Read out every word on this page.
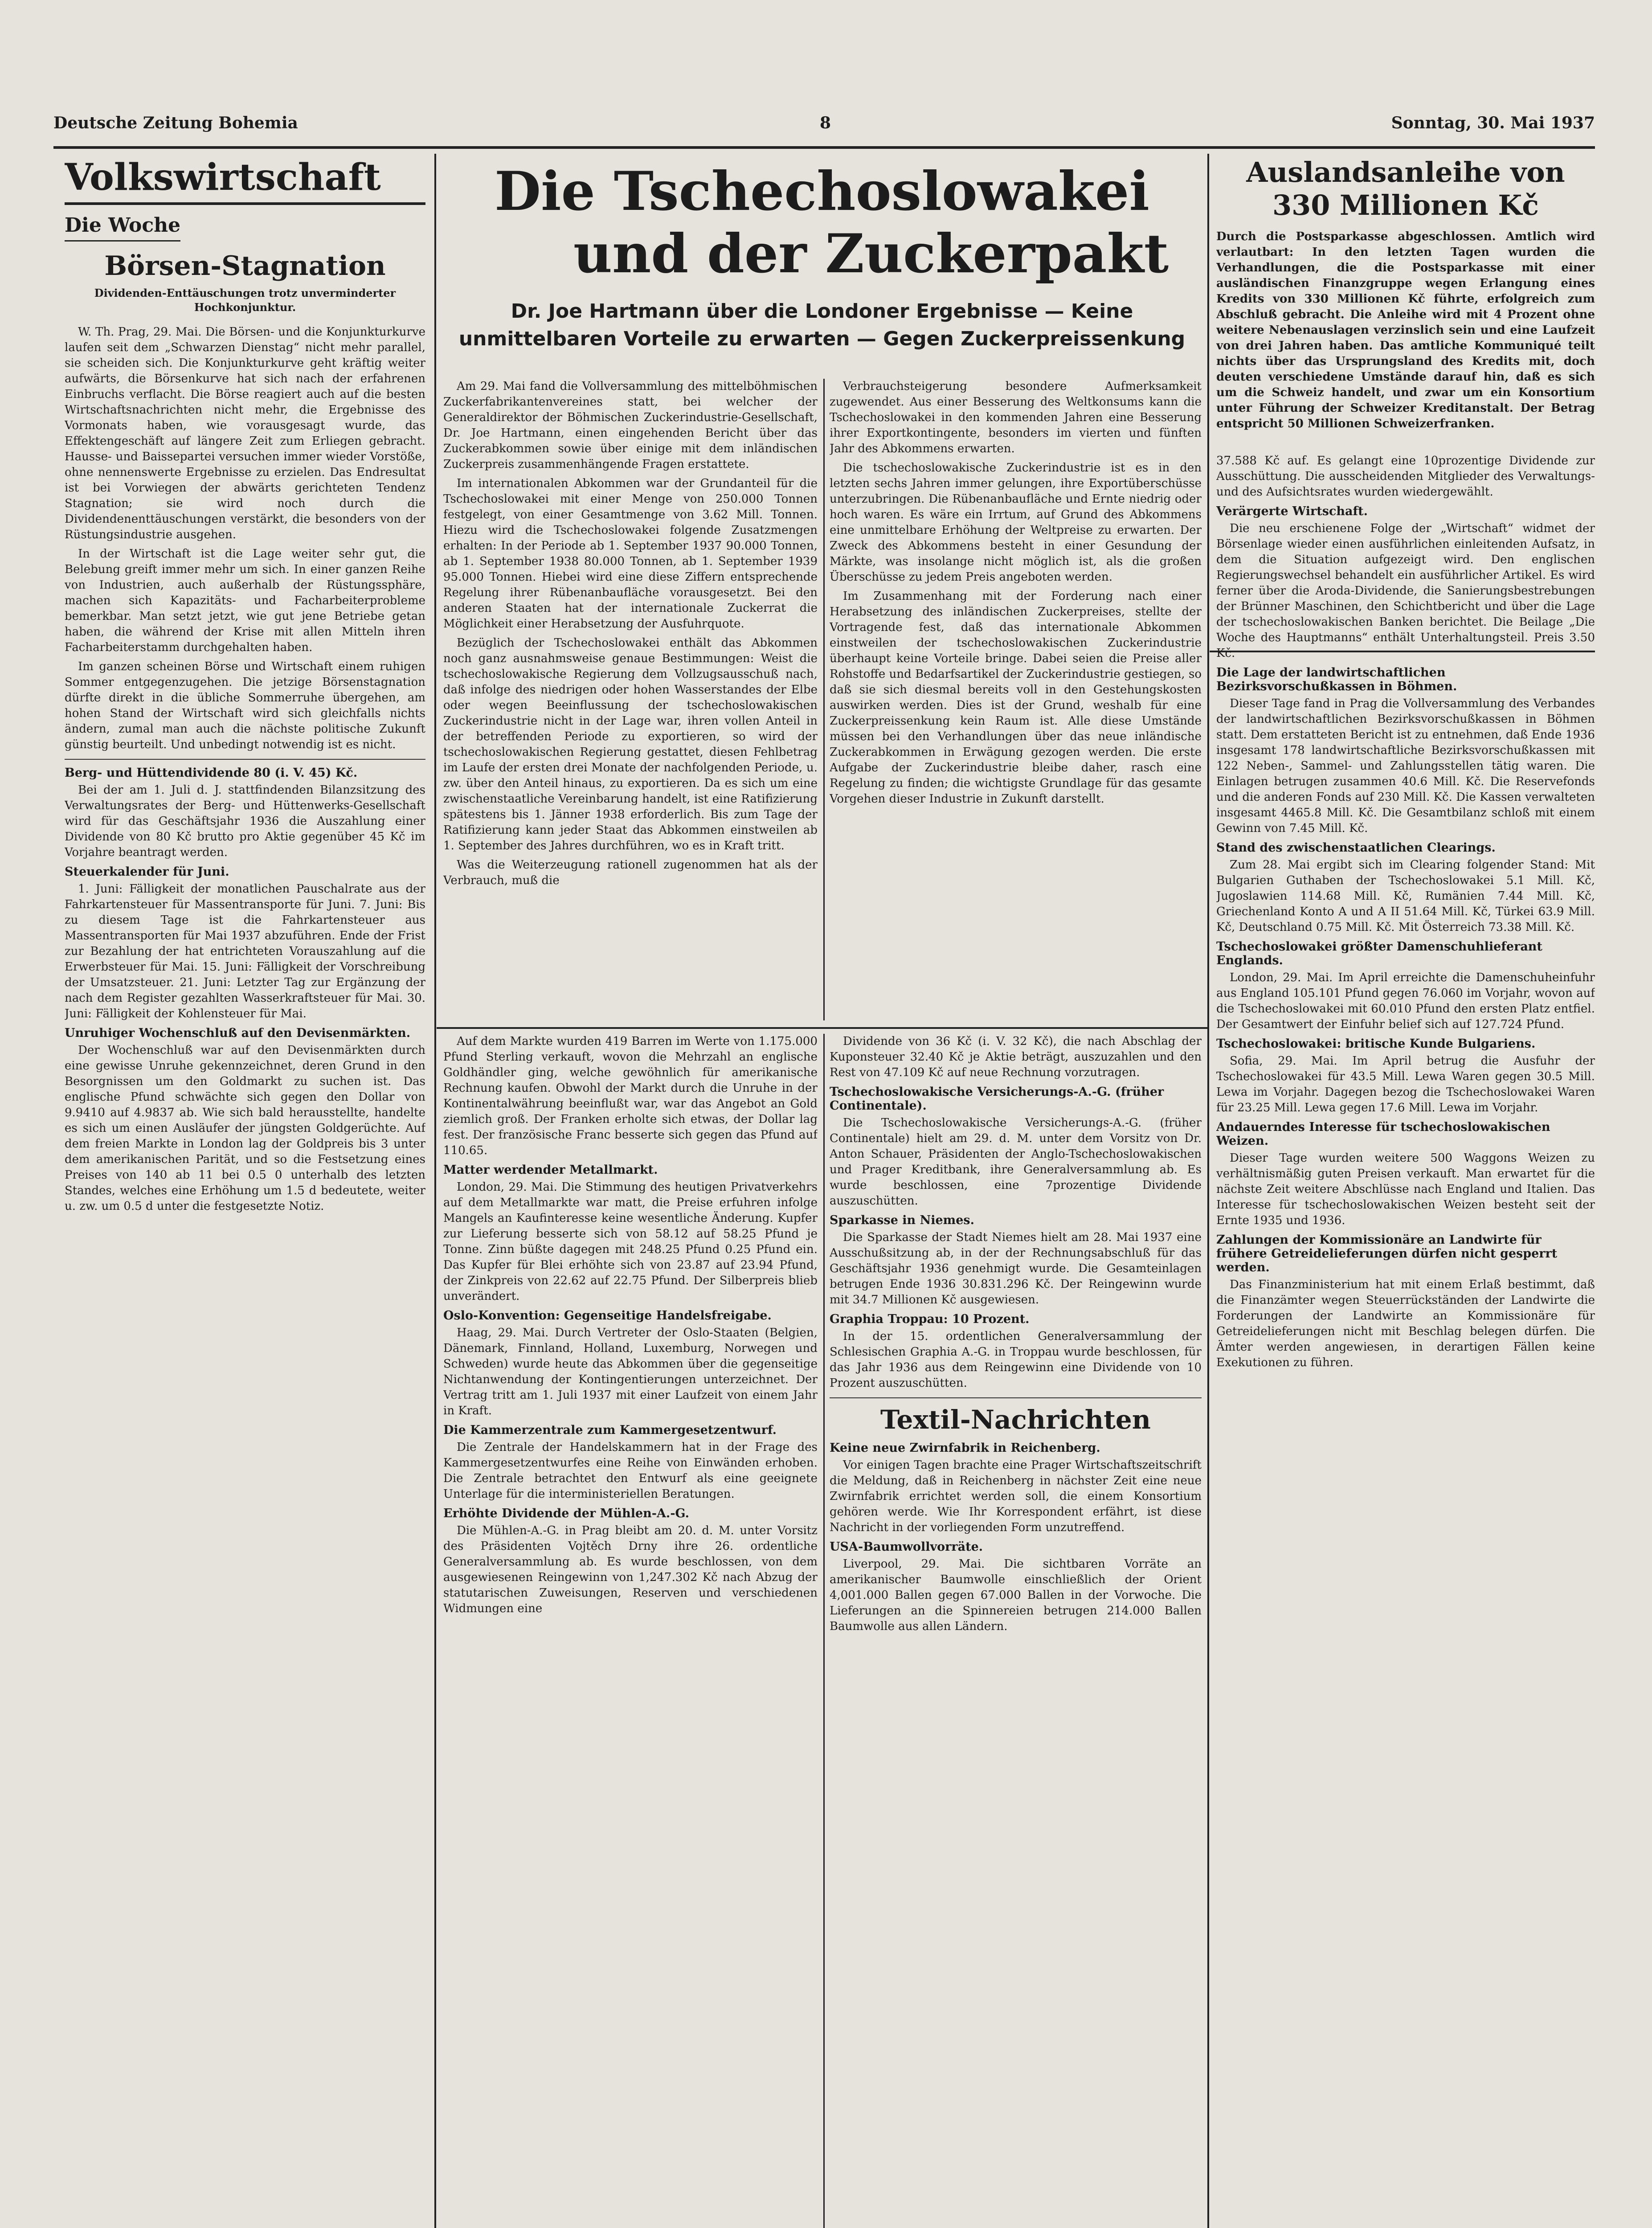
Deutsche Zeitung Bohemia	8	Sonntag, 30. Mai 1937
Volkswirtschaft
Die Woche
Börsen-Stagnation
Dividenden-Enttäuschungen trotz unverminderter Hochkonjunktur.

W. Th. Prag, 29. Mai. Die Börsen- und die Konjunkturkurve laufen seit dem „Schwarzen Dienstag“ nicht mehr parallel, sie scheiden sich. Die Konjunkturkurve geht kräftig weiter aufwärts, die Börsenkurve hat sich nach der erfahrenen Einbruchs verflacht. Die Börse reagiert auch auf die besten Wirtschaftsnachrichten nicht mehr, die Ergebnisse des Vormonats haben, wie vorausgesagt wurde, das Effektengeschäft auf längere Zeit zum Erliegen gebracht. Hausse- und Baissepartei versuchen immer wieder Vorstöße, ohne nennenswerte Ergebnisse zu erzielen. Das Endresultat ist bei Vorwiegen der abwärts gerichteten Tendenz Stagnation; sie wird noch durch die Dividendenenttäuschungen verstärkt, die besonders von der Rüstungsindustrie ausgehen.

In der Wirtschaft ist die Lage weiter sehr gut, die Belebung greift immer mehr um sich. In einer ganzen Reihe von Industrien, auch außerhalb der Rüstungssphäre, machen sich Kapazitäts- und Facharbeiterprobleme bemerkbar. Man setzt jetzt, wie gut jene Betriebe getan haben, die während der Krise mit allen Mitteln ihren Facharbeiterstamm durchgehalten haben.

Im ganzen scheinen Börse und Wirtschaft einem ruhigen Sommer entgegenzugehen. Die jetzige Börsenstagnation dürfte direkt in die übliche Sommerruhe übergehen, am hohen Stand der Wirtschaft wird sich gleichfalls nichts ändern, zumal man auch die nächste politische Zukunft günstig beurteilt. Und unbedingt notwendig ist es nicht.

Berg- und Hüttendividende 80 (i. V. 45) Kč.

Bei der am 1. Juli d. J. stattfindenden Bilanzsitzung des Verwaltungsrates der Berg- und Hüttenwerks-Gesellschaft wird für das Geschäftsjahr 1936 die Auszahlung einer Dividende von 80 Kč brutto pro Aktie gegenüber 45 Kč im Vorjahre beantragt werden.

Steuerkalender für Juni.

1. Juni: Fälligkeit der monatlichen Pauschalrate aus der Fahrkartensteuer für Massentransporte für Juni. 7. Juni: Bis zu diesem Tage ist die Fahrkartensteuer aus Massentransporten für Mai 1937 abzuführen. Ende der Frist zur Bezahlung der hat entrichteten Vorauszahlung auf die Erwerbsteuer für Mai. 15. Juni: Fälligkeit der Vorschreibung der Umsatzsteuer. 21. Juni: Letzter Tag zur Ergänzung der nach dem Register gezahlten Wasserkraftsteuer für Mai. 30. Juni: Fälligkeit der Kohlensteuer für Mai.

Unruhiger Wochenschluß auf den Devisenmärkten.

Der Wochenschluß war auf den Devisenmärkten durch eine gewisse Unruhe gekennzeichnet, deren Grund in den Besorgnissen um den Goldmarkt zu suchen ist. Das englische Pfund schwächte sich gegen den Dollar von 9.9410 auf 4.9837 ab. Wie sich bald herausstellte, handelte es sich um einen Ausläufer der jüngsten Goldgerüchte. Auf dem freien Markte in London lag der Goldpreis bis 3 unter dem amerikanischen Parität, und so die Festsetzung eines Preises von 140 ab 11 bei 0.5 0 unterhalb des letzten Standes, welches eine Erhöhung um 1.5 d bedeutete, weiter u. zw. um 0.5 d unter die festgesetzte Notiz.

Die Tschechoslowakei
und der Zuckerpakt
Dr. Joe Hartmann über die Londoner Ergebnisse — Keine unmittelbaren Vorteile zu erwarten — Gegen Zuckerpreissenkung

Am 29. Mai fand die Vollversammlung des mittelböhmischen Zuckerfabrikantenvereines statt, bei welcher der Generaldirektor der Böhmischen Zuckerindustrie-Gesellschaft, Dr. Joe Hartmann, einen eingehenden Bericht über das Zuckerabkommen sowie über einige mit dem inländischen Zuckerpreis zusammenhängende Fragen erstattete.

Im internationalen Abkommen war der Grundanteil für die Tschechoslowakei mit einer Menge von 250.000 Tonnen festgelegt, von einer Gesamtmenge von 3.62 Mill. Tonnen. Hiezu wird die Tschechoslowakei folgende Zusatzmengen erhalten: In der Periode ab 1. September 1937 90.000 Tonnen, ab 1. September 1938 80.000 Tonnen, ab 1. September 1939 95.000 Tonnen. Hiebei wird eine diese Ziffern entsprechende Regelung ihrer Rübenanbaufläche vorausgesetzt. Bei den anderen Staaten hat der internationale Zuckerrat die Möglichkeit einer Herabsetzung der Ausfuhrquote.

Bezüglich der Tschechoslowakei enthält das Abkommen noch ganz ausnahmsweise genaue Bestimmungen: Weist die tschechoslowakische Regierung dem Vollzugsausschuß nach, daß infolge des niedrigen oder hohen Wasserstandes der Elbe oder wegen Beeinflussung der tschechoslowakischen Zuckerindustrie nicht in der Lage war, ihren vollen Anteil in der betreffenden Periode zu exportieren, so wird der tschechoslowakischen Regierung gestattet, diesen Fehlbetrag im Laufe der ersten drei Monate der nachfolgenden Periode, u. zw. über den Anteil hinaus, zu exportieren. Da es sich um eine zwischenstaatliche Vereinbarung handelt, ist eine Ratifizierung spätestens bis 1. Jänner 1938 erforderlich. Bis zum Tage der Ratifizierung kann jeder Staat das Abkommen einstweilen ab 1. September des Jahres durchführen, wo es in Kraft tritt.

Was die Weiterzeugung rationell zugenommen hat als der Verbrauch, muß die

Verbrauchsteigerung besondere Aufmerksamkeit zugewendet. Aus einer Besserung des Weltkonsums kann die Tschechoslowakei in den kommenden Jahren eine Besserung ihrer Exportkontingente, besonders im vierten und fünften Jahr des Abkommens erwarten.

Die tschechoslowakische Zuckerindustrie ist es in den letzten sechs Jahren immer gelungen, ihre Exportüberschüsse unterzubringen. Die Rübenanbaufläche und Ernte niedrig oder hoch waren. Es wäre ein Irrtum, auf Grund des Abkommens eine unmittelbare Erhöhung der Weltpreise zu erwarten. Der Zweck des Abkommens besteht in einer Gesundung der Märkte, was insolange nicht möglich ist, als die großen Überschüsse zu jedem Preis angeboten werden.

Im Zusammenhang mit der Forderung nach einer Herabsetzung des inländischen Zuckerpreises, stellte der Vortragende fest, daß das internationale Abkommen einstweilen der tschechoslowakischen Zuckerindustrie überhaupt keine Vorteile bringe. Dabei seien die Preise aller Rohstoffe und Bedarfsartikel der Zuckerindustrie gestiegen, so daß sie sich diesmal bereits voll in den Gestehungskosten auswirken werden. Dies ist der Grund, weshalb für eine Zuckerpreissenkung kein Raum ist. Alle diese Umstände müssen bei den Verhandlungen über das neue inländische Zuckerabkommen in Erwägung gezogen werden. Die erste Aufgabe der Zuckerindustrie bleibe daher, rasch eine Regelung zu finden; die wichtigste Grundlage für das gesamte Vorgehen dieser Industrie in Zukunft darstellt.

Auf dem Markte wurden 419 Barren im Werte von 1.175.000 Pfund Sterling verkauft, wovon die Mehrzahl an englische Goldhändler ging, welche gewöhnlich für amerikanische Rechnung kaufen. Obwohl der Markt durch die Unruhe in der Kontinentalwährung beeinflußt war, war das Angebot an Gold ziemlich groß. Der Franken erholte sich etwas, der Dollar lag fest. Der französische Franc besserte sich gegen das Pfund auf 110.65.

Matter werdender Metallmarkt.

London, 29. Mai. Die Stimmung des heutigen Privatverkehrs auf dem Metallmarkte war matt, die Preise erfuhren infolge Mangels an Kaufinteresse keine wesentliche Änderung. Kupfer zur Lieferung besserte sich von 58.12 auf 58.25 Pfund je Tonne. Zinn büßte dagegen mit 248.25 Pfund 0.25 Pfund ein. Das Kupfer für Blei erhöhte sich von 23.87 auf 23.94 Pfund, der Zinkpreis von 22.62 auf 22.75 Pfund. Der Silberpreis blieb unverändert.

Oslo-Konvention: Gegenseitige Handelsfreigabe.

Haag, 29. Mai. Durch Vertreter der Oslo-Staaten (Belgien, Dänemark, Finnland, Holland, Luxemburg, Norwegen und Schweden) wurde heute das Abkommen über die gegenseitige Nichtanwendung der Kontingentierungen unterzeichnet. Der Vertrag tritt am 1. Juli 1937 mit einer Laufzeit von einem Jahr in Kraft.

Die Kammerzentrale zum Kammergesetzentwurf.

Die Zentrale der Handelskammern hat in der Frage des Kammergesetzentwurfes eine Reihe von Einwänden erhoben. Die Zentrale betrachtet den Entwurf als eine geeignete Unterlage für die interministeriellen Beratungen.

Erhöhte Dividende der Mühlen-A.-G.

Die Mühlen-A.-G. in Prag bleibt am 20. d. M. unter Vorsitz des Präsidenten Vojtěch Drny ihre 26. ordentliche Generalversammlung ab. Es wurde beschlossen, von dem ausgewiesenen Reingewinn von 1,247.302 Kč nach Abzug der statutarischen Zuweisungen, Reserven und verschiedenen Widmungen eine

Dividende von 36 Kč (i. V. 32 Kč), die nach Abschlag der Kuponsteuer 32.40 Kč je Aktie beträgt, auszuzahlen und den Rest von 47.109 Kč auf neue Rechnung vorzutragen.

Tschechoslowakische Versicherungs-A.-G. (früher Continentale).

Die Tschechoslowakische Versicherungs-A.-G. (früher Continentale) hielt am 29. d. M. unter dem Vorsitz von Dr. Anton Schauer, Präsidenten der Anglo-Tschechoslowakischen und Prager Kreditbank, ihre Generalversammlung ab. Es wurde beschlossen, eine 7prozentige Dividende auszuschütten.

Sparkasse in Niemes.

Die Sparkasse der Stadt Niemes hielt am 28. Mai 1937 eine Ausschußsitzung ab, in der der Rechnungsabschluß für das Geschäftsjahr 1936 genehmigt wurde. Die Gesamteinlagen betrugen Ende 1936 30.831.296 Kč. Der Reingewinn wurde mit 34.7 Millionen Kč ausgewiesen.

Graphia Troppau: 10 Prozent.

In der 15. ordentlichen Generalversammlung der Schlesischen Graphia A.-G. in Troppau wurde beschlossen, für das Jahr 1936 aus dem Reingewinn eine Dividende von 10 Prozent auszuschütten.

Textil-Nachrichten
Keine neue Zwirnfabrik in Reichenberg.

Vor einigen Tagen brachte eine Prager Wirtschaftszeitschrift die Meldung, daß in Reichenberg in nächster Zeit eine neue Zwirnfabrik errichtet werden soll, die einem Konsortium gehören werde. Wie Ihr Korrespondent erfährt, ist diese Nachricht in der vorliegenden Form unzutreffend.

USA-Baumwollvorräte.

Liverpool, 29. Mai. Die sichtbaren Vorräte an amerikanischer Baumwolle einschließlich der Orient 4,001.000 Ballen gegen 67.000 Ballen in der Vorwoche. Die Lieferungen an die Spinnereien betrugen 214.000 Ballen Baumwolle aus allen Ländern.

Auslandsanleihe von 330 Millionen Kč

Durch die Postsparkasse abgeschlossen. Amtlich wird verlautbart: In den letzten Tagen wurden die Verhandlungen, die die Postsparkasse mit einer ausländischen Finanzgruppe wegen Erlangung eines Kredits von 330 Millionen Kč führte, erfolgreich zum Abschluß gebracht. Die Anleihe wird mit 4 Prozent ohne weitere Nebenauslagen verzinslich sein und eine Laufzeit von drei Jahren haben. Das amtliche Kommuniqué teilt nichts über das Ursprungsland des Kredits mit, doch deuten verschiedene Umstände darauf hin, daß es sich um die Schweiz handelt, und zwar um ein Konsortium unter Führung der Schweizer Kreditanstalt. Der Betrag entspricht 50 Millionen Schweizerfranken.

37.588 Kč auf. Es gelangt eine 10prozentige Dividende zur Ausschüttung. Die ausscheidenden Mitglieder des Verwaltungs- und des Aufsichtsrates wurden wiedergewählt.

Verärgerte Wirtschaft.

Die neu erschienene Folge der „Wirtschaft“ widmet der Börsenlage wieder einen ausführlichen einleitenden Aufsatz, in dem die Situation aufgezeigt wird. Den englischen Regierungswechsel behandelt ein ausführlicher Artikel. Es wird ferner über die Aroda-Dividende, die Sanierungsbestrebungen der Brünner Maschinen, den Schichtbericht und über die Lage der tschechoslowakischen Banken berichtet. Die Beilage „Die Woche des Hauptmanns“ enthält Unterhaltungsteil. Preis 3.50 Kč.

Die Lage der landwirtschaftlichen Bezirksvorschußkassen in Böhmen.

Dieser Tage fand in Prag die Vollversammlung des Verbandes der landwirtschaftlichen Bezirksvorschußkassen in Böhmen statt. Dem erstatteten Bericht ist zu entnehmen, daß Ende 1936 insgesamt 178 landwirtschaftliche Bezirksvorschußkassen mit 122 Neben-, Sammel- und Zahlungsstellen tätig waren. Die Einlagen betrugen zusammen 40.6 Mill. Kč. Die Reservefonds und die anderen Fonds auf 230 Mill. Kč. Die Kassen verwalteten insgesamt 4465.8 Mill. Kč. Die Gesamtbilanz schloß mit einem Gewinn von 7.45 Mill. Kč.

Stand des zwischenstaatlichen Clearings.

Zum 28. Mai ergibt sich im Clearing folgender Stand: Mit Bulgarien Guthaben der Tschechoslowakei 5.1 Mill. Kč, Jugoslawien 114.68 Mill. Kč, Rumänien 7.44 Mill. Kč, Griechenland Konto A und A II 51.64 Mill. Kč, Türkei 63.9 Mill. Kč, Deutschland 0.75 Mill. Kč. Mit Österreich 73.38 Mill. Kč.

Tschechoslowakei größter Damenschuhlieferant Englands.

London, 29. Mai. Im April erreichte die Damenschuheinfuhr aus England 105.101 Pfund gegen 76.060 im Vorjahr, wovon auf die Tschechoslowakei mit 60.010 Pfund den ersten Platz entfiel. Der Gesamtwert der Einfuhr belief sich auf 127.724 Pfund.

Tschechoslowakei: britische Kunde Bulgariens.

Sofia, 29. Mai. Im April betrug die Ausfuhr der Tschechoslowakei für 43.5 Mill. Lewa Waren gegen 30.5 Mill. Lewa im Vorjahr. Dagegen bezog die Tschechoslowakei Waren für 23.25 Mill. Lewa gegen 17.6 Mill. Lewa im Vorjahr.

Andauerndes Interesse für tschechoslowakischen Weizen.

Dieser Tage wurden weitere 500 Waggons Weizen zu verhältnismäßig guten Preisen verkauft. Man erwartet für die nächste Zeit weitere Abschlüsse nach England und Italien. Das Interesse für tschechoslowakischen Weizen besteht seit der Ernte 1935 und 1936.

Zahlungen der Kommissionäre an Landwirte für frühere Getreidelieferungen dürfen nicht gesperrt werden.

Das Finanzministerium hat mit einem Erlaß bestimmt, daß die Finanzämter wegen Steuerrückständen der Landwirte die Forderungen der Landwirte an Kommissionäre für Getreidelieferungen nicht mit Beschlag belegen dürfen. Die Ämter werden angewiesen, in derartigen Fällen keine Exekutionen zu führen.
